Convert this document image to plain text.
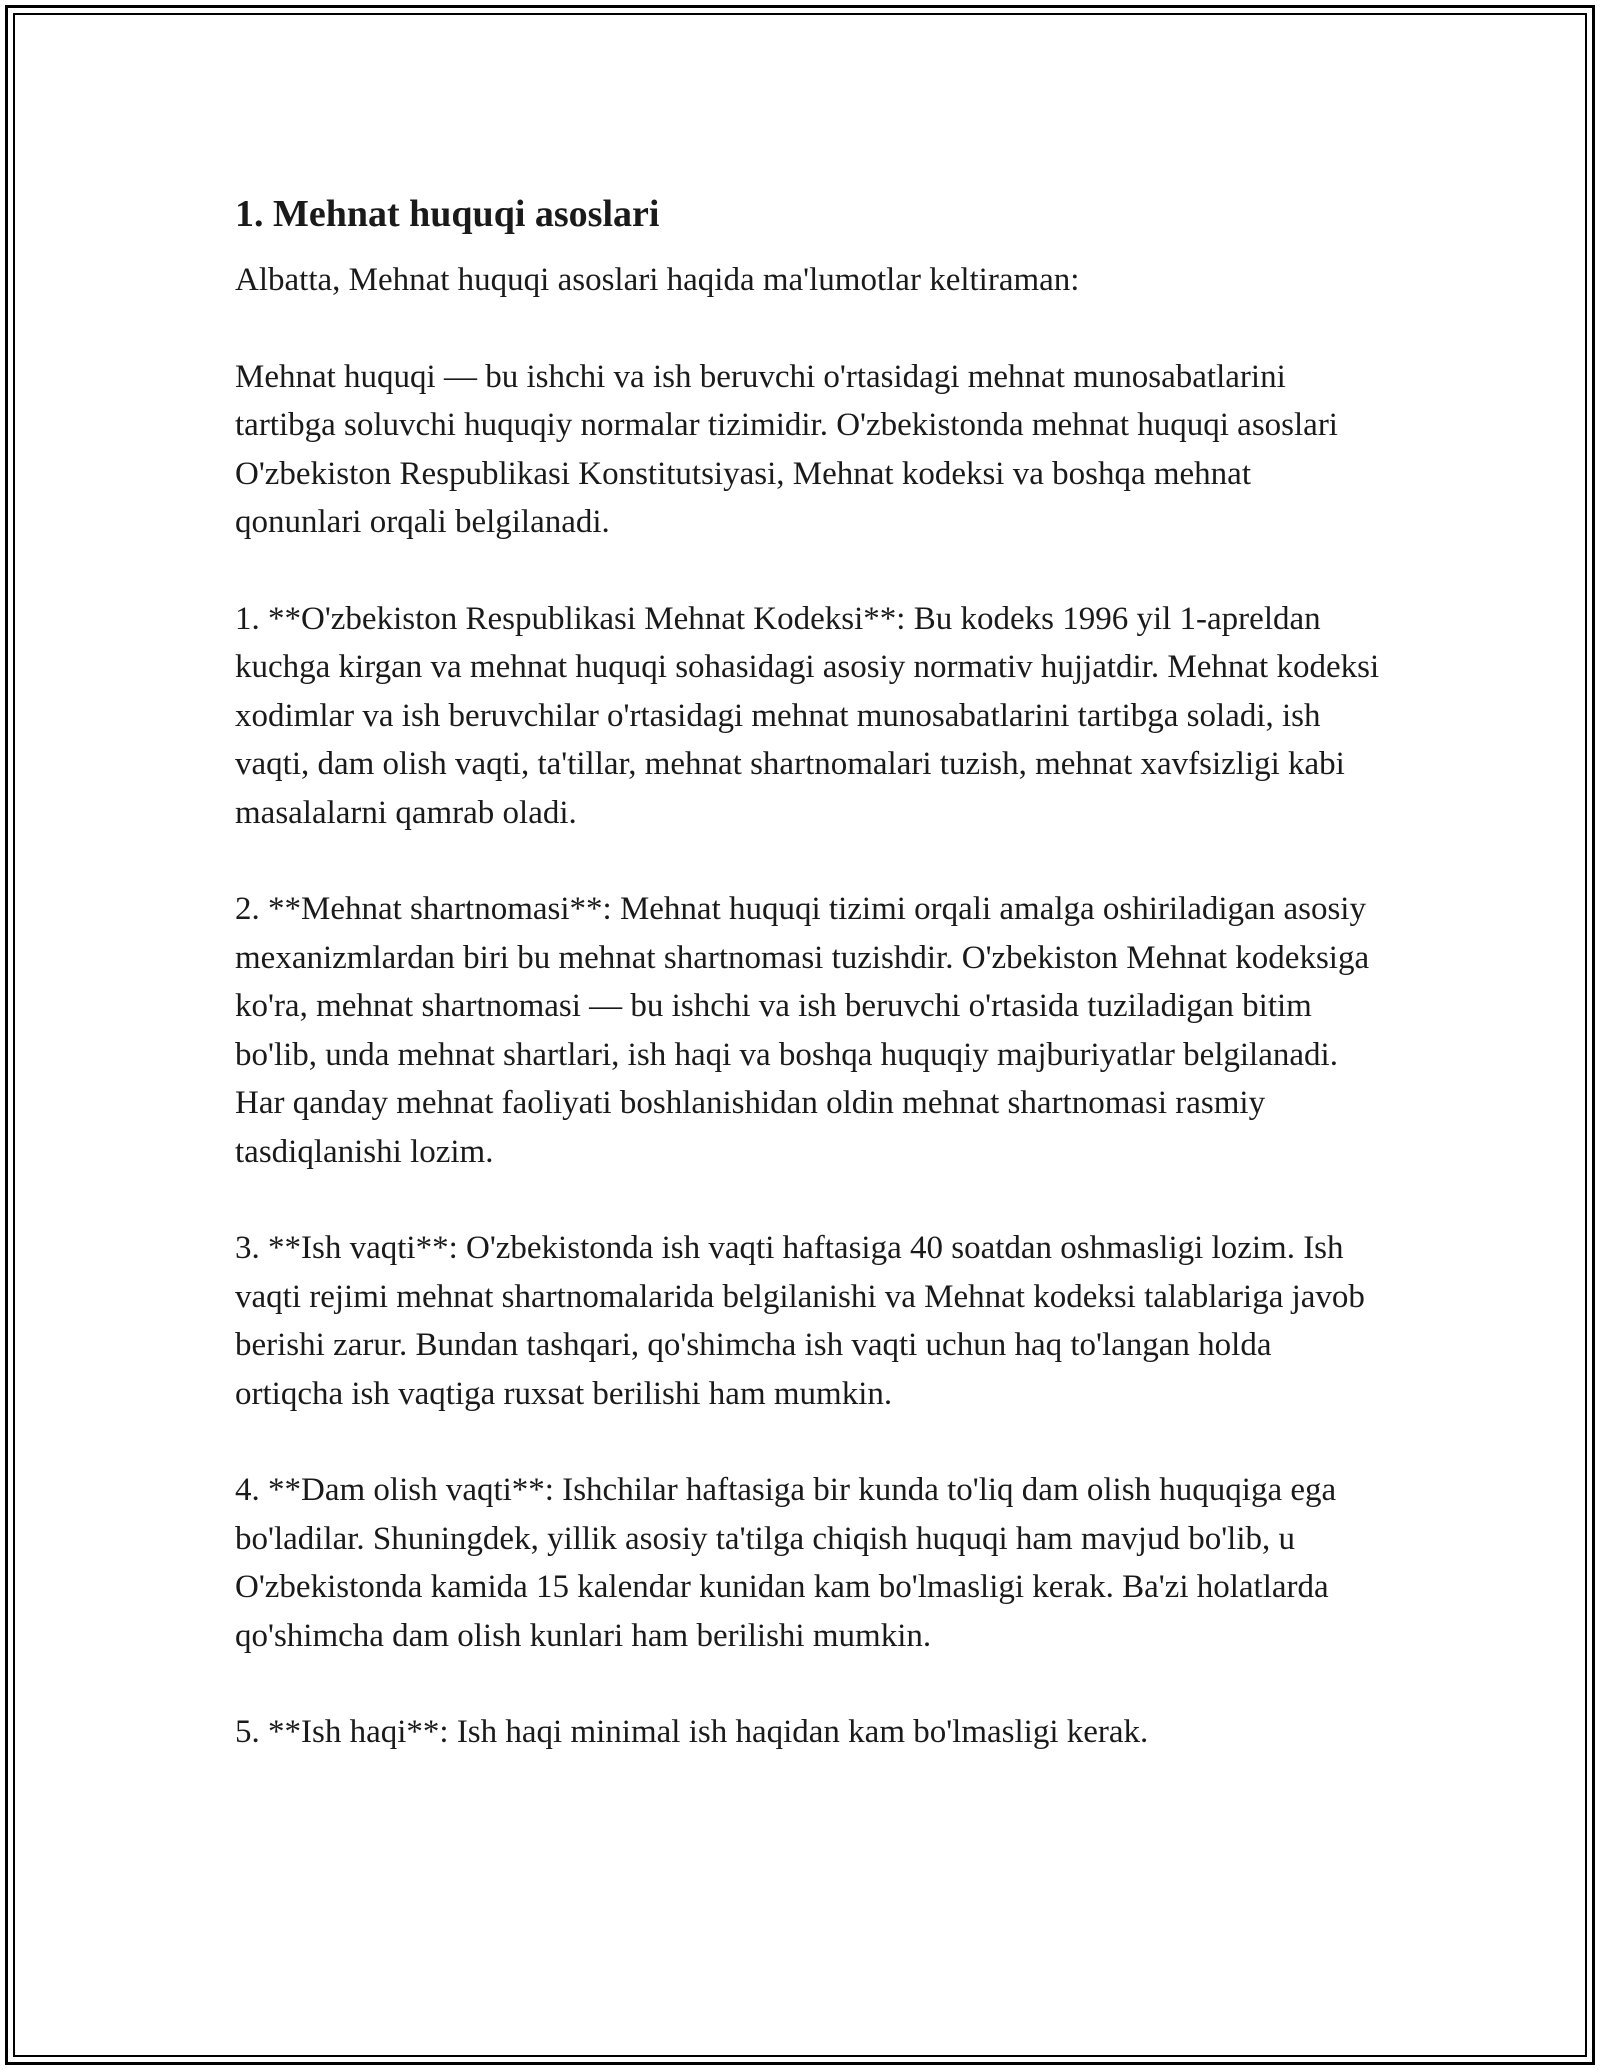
1. Mehnat huquqi asoslari

Albatta, Mehnat huquqi asoslari haqida ma'lumotlar keltiraman:

Mehnat huquqi — bu ishchi va ish beruvchi o'rtasidagi mehnat munosabatlarini tartibga soluvchi huquqiy normalar tizimidir. O'zbekistonda mehnat huquqi asoslari O'zbekiston Respublikasi Konstitutsiyasi, Mehnat kodeksi va boshqa mehnat qonunlari orqali belgilanadi.

1. **O'zbekiston Respublikasi Mehnat Kodeksi**: Bu kodeks 1996 yil 1-apreldan kuchga kirgan va mehnat huquqi sohasidagi asosiy normativ hujjatdir. Mehnat kodeksi xodimlar va ish beruvchilar o'rtasidagi mehnat munosabatlarini tartibga soladi, ish vaqti, dam olish vaqti, ta'tillar, mehnat shartnomalari tuzish, mehnat xavfsizligi kabi masalalarni qamrab oladi.

2. **Mehnat shartnomasi**: Mehnat huquqi tizimi orqali amalga oshiriladigan asosiy mexanizmlardan biri bu mehnat shartnomasi tuzishdir. O'zbekiston Mehnat kodeksiga ko'ra, mehnat shartnomasi — bu ishchi va ish beruvchi o'rtasida tuziladigan bitim bo'lib, unda mehnat shartlari, ish haqi va boshqa huquqiy majburiyatlar belgilanadi. Har qanday mehnat faoliyati boshlanishidan oldin mehnat shartnomasi rasmiy tasdiqlanishi lozim.

3. **Ish vaqti**: O'zbekistonda ish vaqti haftasiga 40 soatdan oshmasligi lozim. Ish vaqti rejimi mehnat shartnomalarida belgilanishi va Mehnat kodeksi talablariga javob berishi zarur. Bundan tashqari, qo'shimcha ish vaqti uchun haq to'langan holda ortiqcha ish vaqtiga ruxsat berilishi ham mumkin.

4. **Dam olish vaqti**: Ishchilar haftasiga bir kunda to'liq dam olish huquqiga ega bo'ladilar. Shuningdek, yillik asosiy ta'tilga chiqish huquqi ham mavjud bo'lib, u O'zbekistonda kamida 15 kalendar kunidan kam bo'lmasligi kerak. Ba'zi holatlarda qo'shimcha dam olish kunlari ham berilishi mumkin.

5. **Ish haqi**: Ish haqi minimal ish haqidan kam bo'lmasligi kerak.
